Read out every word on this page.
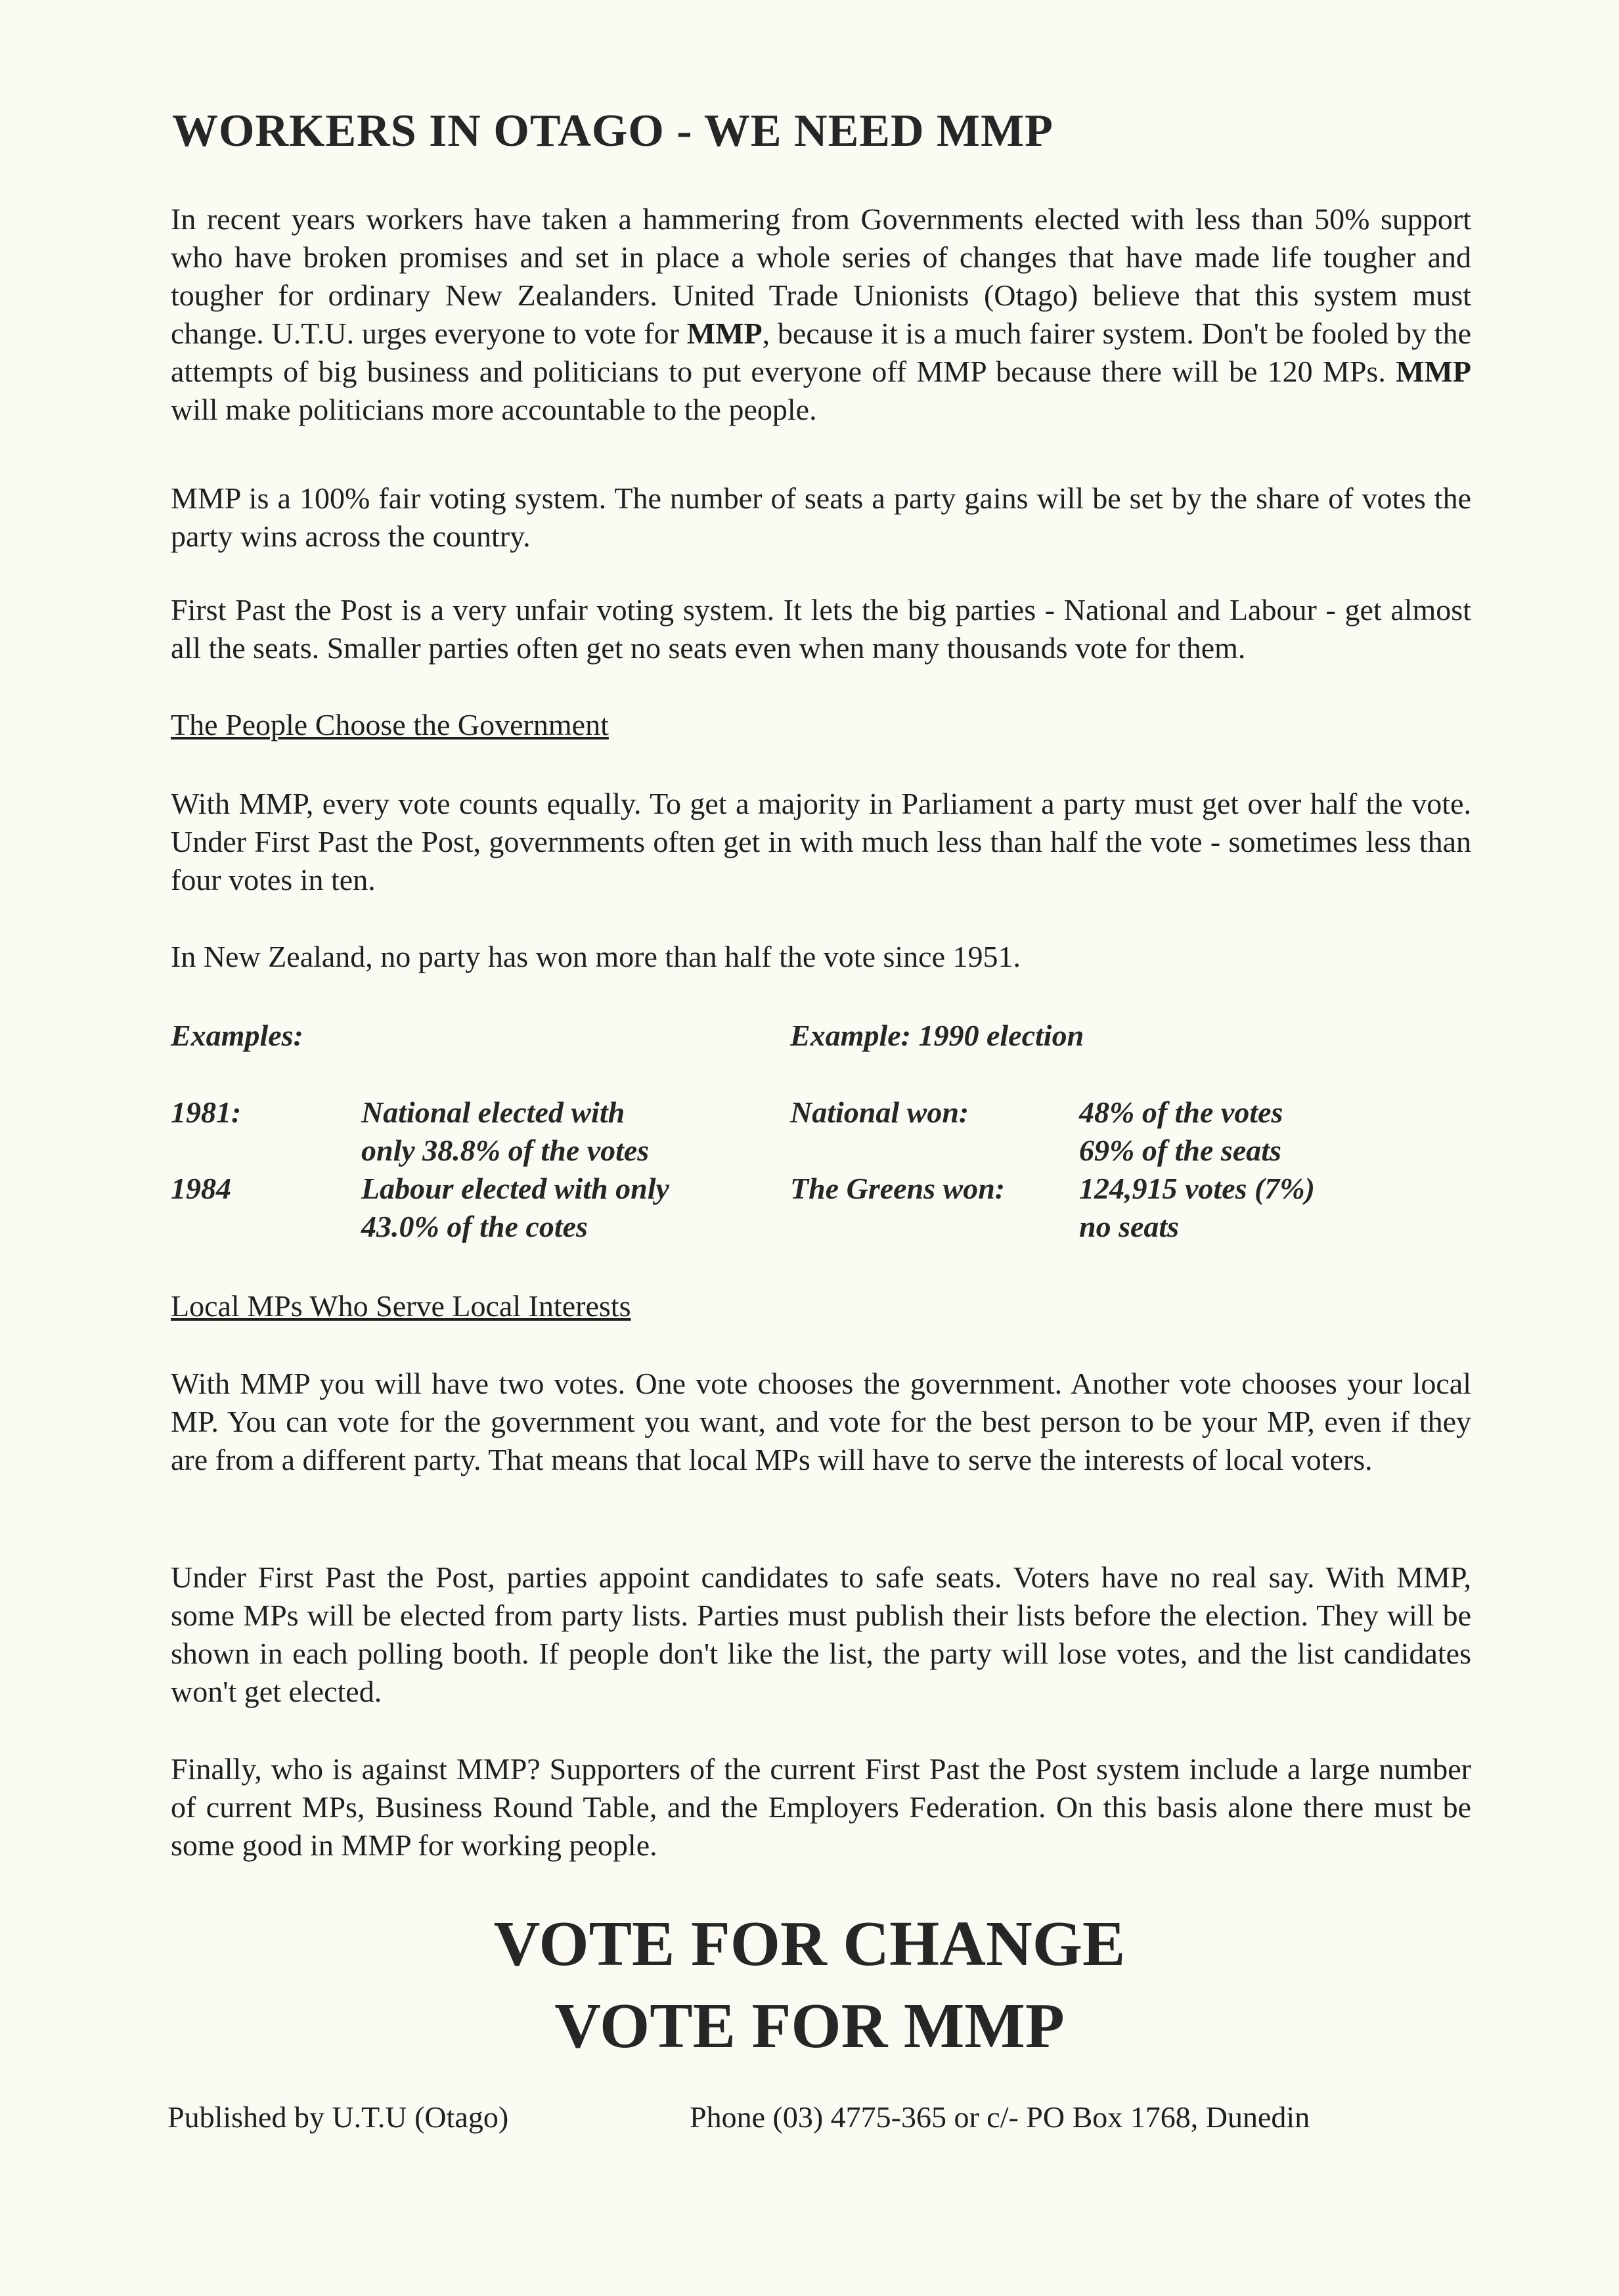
WORKERS IN OTAGO - WE NEED MMP
In recent years workers have taken a hammering from Governments elected with less than 50% support who have broken promises and set in place a whole series of changes that have made life tougher and tougher for ordinary New Zealanders. United Trade Unionists (Otago) believe that this system must change. U.T.U. urges everyone to vote for MMP, because it is a much fairer system. Don't be fooled by the attempts of big business and politicians to put everyone off MMP because there will be 120 MPs. MMP will make politicians more accountable to the people.
MMP is a 100% fair voting system. The number of seats a party gains will be set by the share of votes the party wins across the country.
First Past the Post is a very unfair voting system. It lets the big parties - National and Labour - get almost all the seats. Smaller parties often get no seats even when many thousands vote for them.
The People Choose the Government
With MMP, every vote counts equally. To get a majority in Parliament a party must get over half the vote. Under First Past the Post, governments often get in with much less than half the vote - sometimes less than four votes in ten.
In New Zealand, no party has won more than half the vote since 1951.
Examples:	Example: 1990 election
1981:	National elected with
only 38.8% of the votes
1984	Labour elected with only
43.0% of the cotes
National won:	48% of the votes
69% of the seats
The Greens won: 124,915 votes (7%)
no seats
Local MPs Who Serve Local Interests
With MMP you will have two votes. One vote chooses the government. Another vote chooses your local MP. You can vote for the government you want, and vote for the best person to be your MP, even if they are from a different party. That means that local MPs will have to serve the interests of local voters.
Under First Past the Post, parties appoint candidates to safe seats. Voters have no real say. With MMP, some MPs will be elected from party lists. Parties must publish their lists before the election. They will be shown in each polling booth. If people don't like the list, the party will lose votes, and the list candidates won't get elected.
Finally, who is against MMP? Supporters of the current First Past the Post system include a large number of current MPs, Business Round Table, and the Employers Federation. On this basis alone there must be some good in MMP for working people.
VOTE FOR CHANGE
VOTE FOR MMP
Published by U.T.U (Otago)	Phone (03) 4775-365 or c/- PO Box 1768, Dunedin
